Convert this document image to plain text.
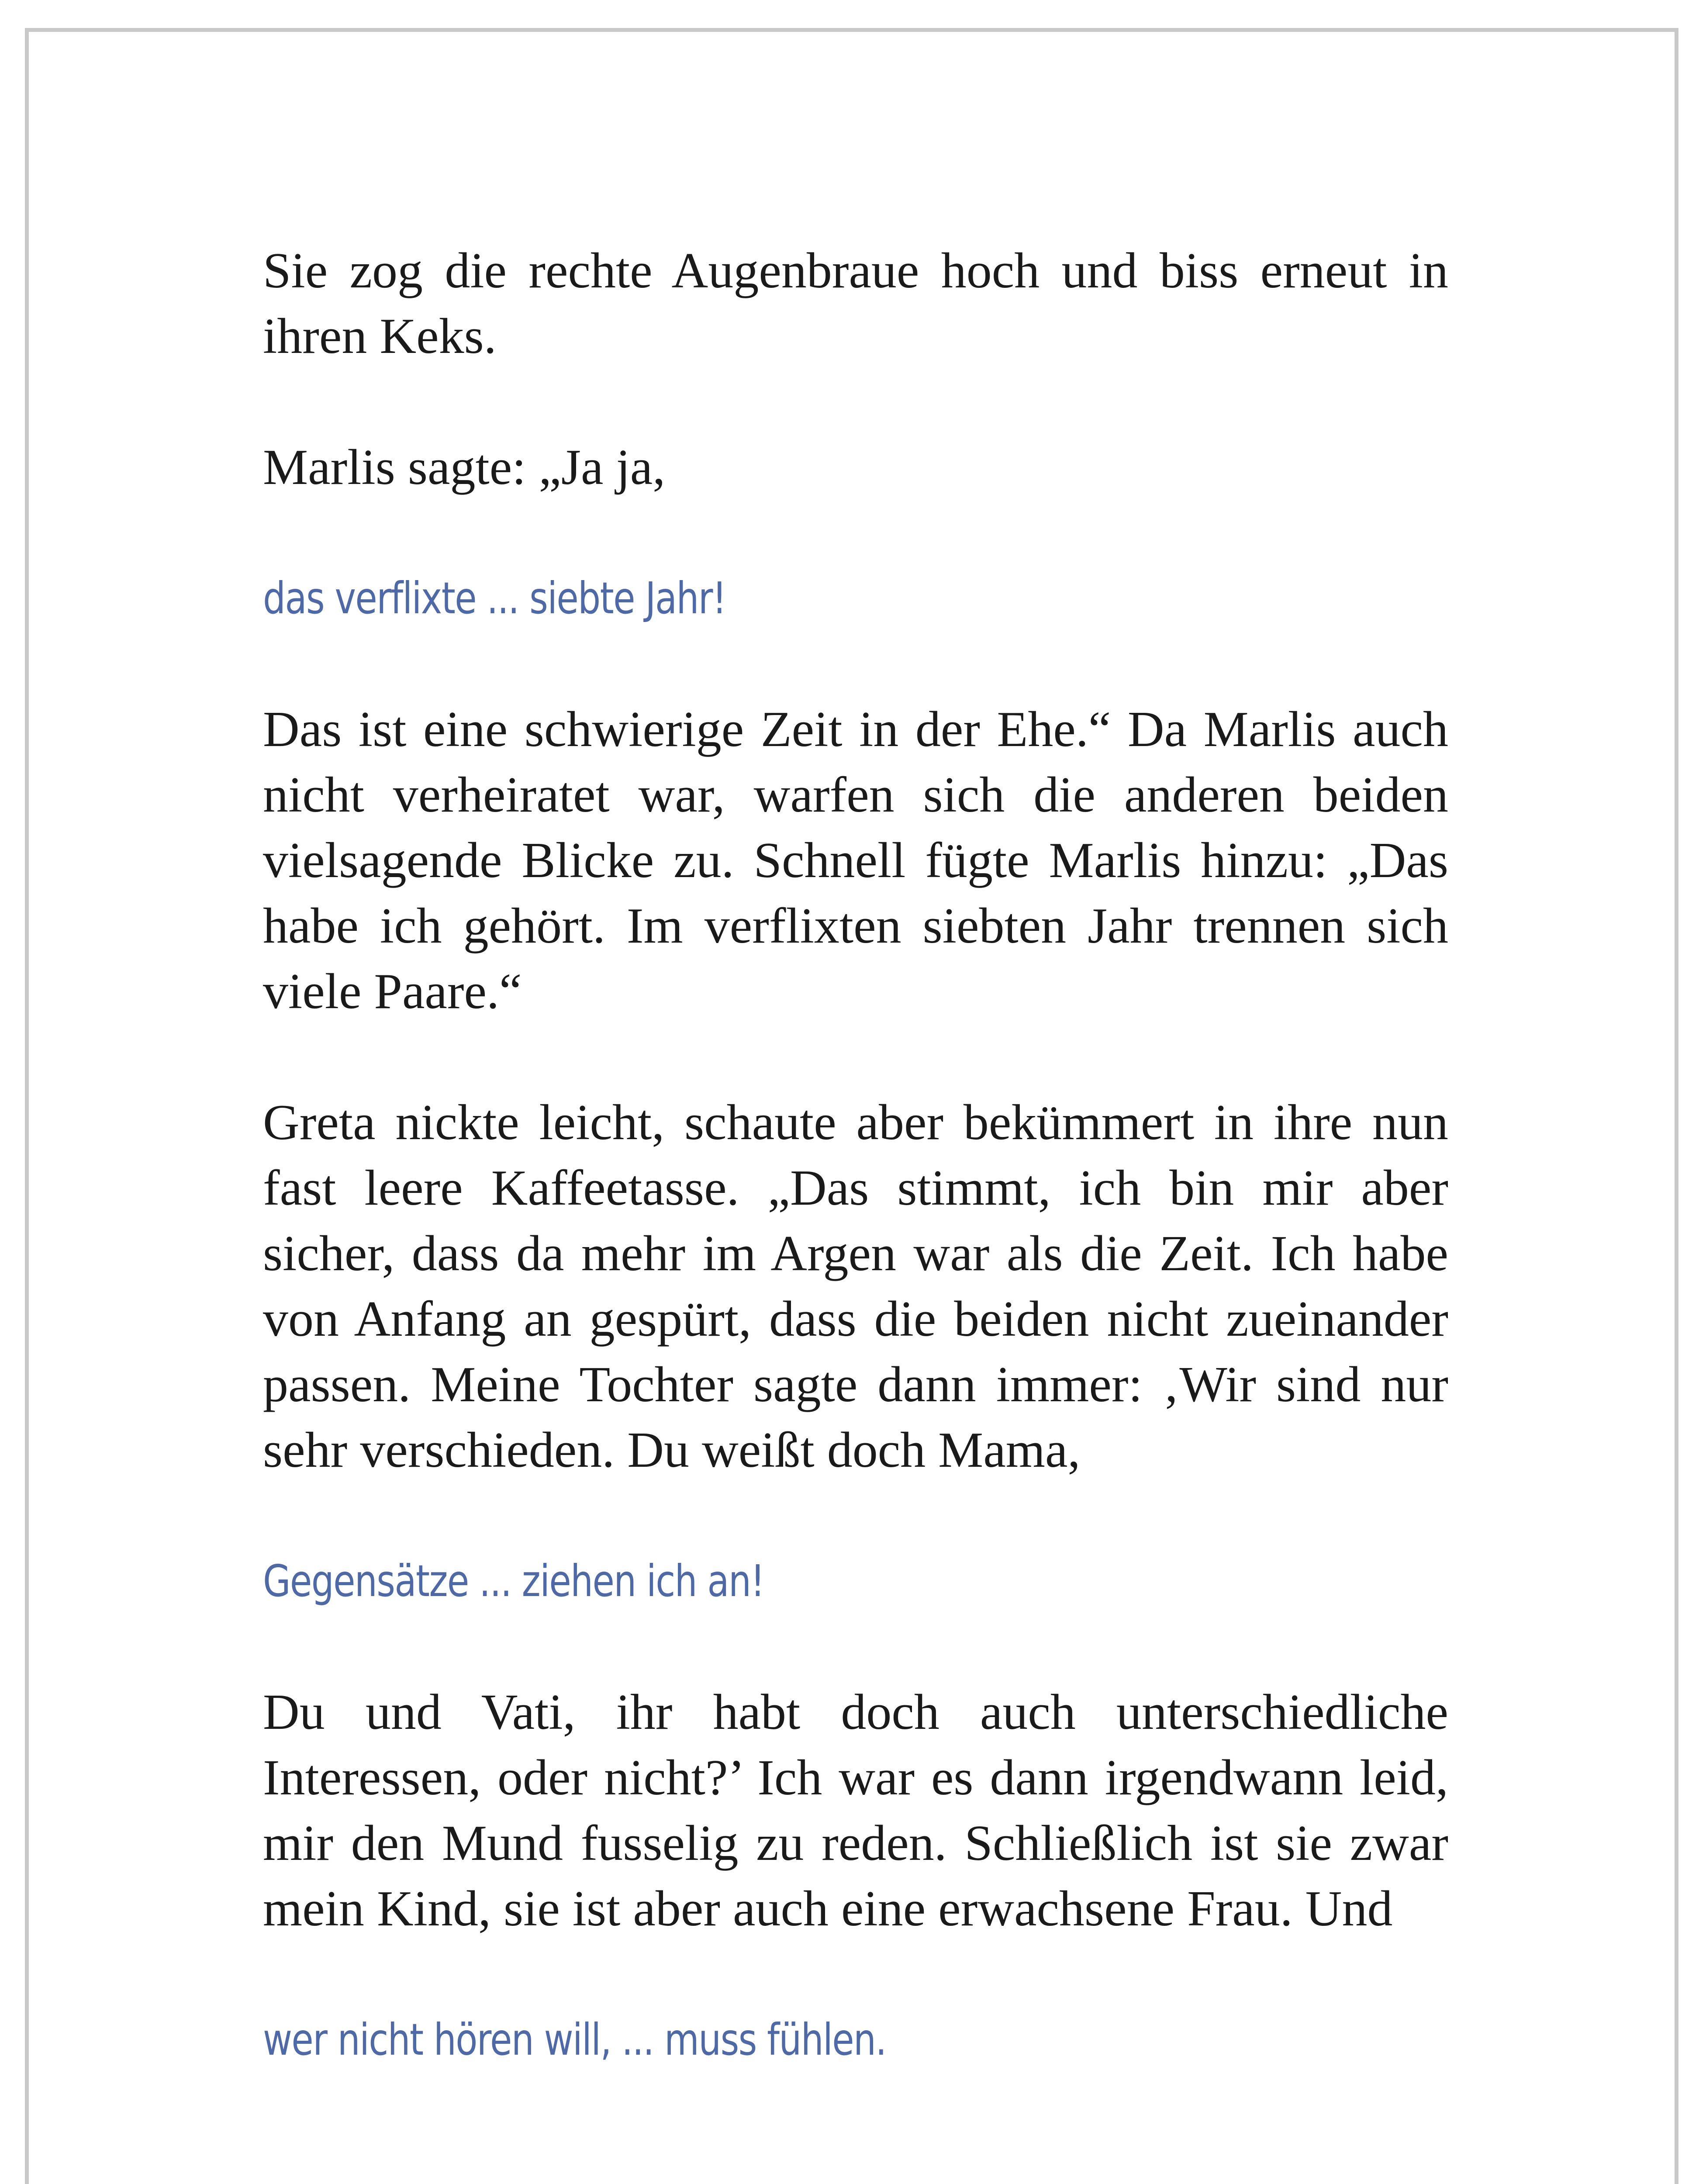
Sie zog die rechte Augenbraue hoch und biss erneut in ihren Keks.

Marlis sagte: „Ja ja,

das verflixte ... siebte Jahr!

Das ist eine schwierige Zeit in der Ehe.“ Da Marlis auch nicht verheiratet war, warfen sich die anderen beiden vielsagende Blicke zu. Schnell fügte Marlis hinzu: „Das habe ich gehört. Im verflixten siebten Jahr trennen sich viele Paare.“

Greta nickte leicht, schaute aber bekümmert in ihre nun fast leere Kaffeetasse. „Das stimmt, ich bin mir aber sicher, dass da mehr im Argen war als die Zeit. Ich habe von Anfang an gespürt, dass die beiden nicht zueinander passen. Meine Tochter sagte dann immer: ‚Wir sind nur sehr verschieden. Du weißt doch Mama,

Gegensätze ... ziehen ich an!

Du und Vati, ihr habt doch auch unterschiedliche Interessen, oder nicht?’ Ich war es dann irgendwann leid, mir den Mund fusselig zu reden. Schließlich ist sie zwar mein Kind, sie ist aber auch eine erwachsene Frau. Und

wer nicht hören will, ... muss fühlen.
